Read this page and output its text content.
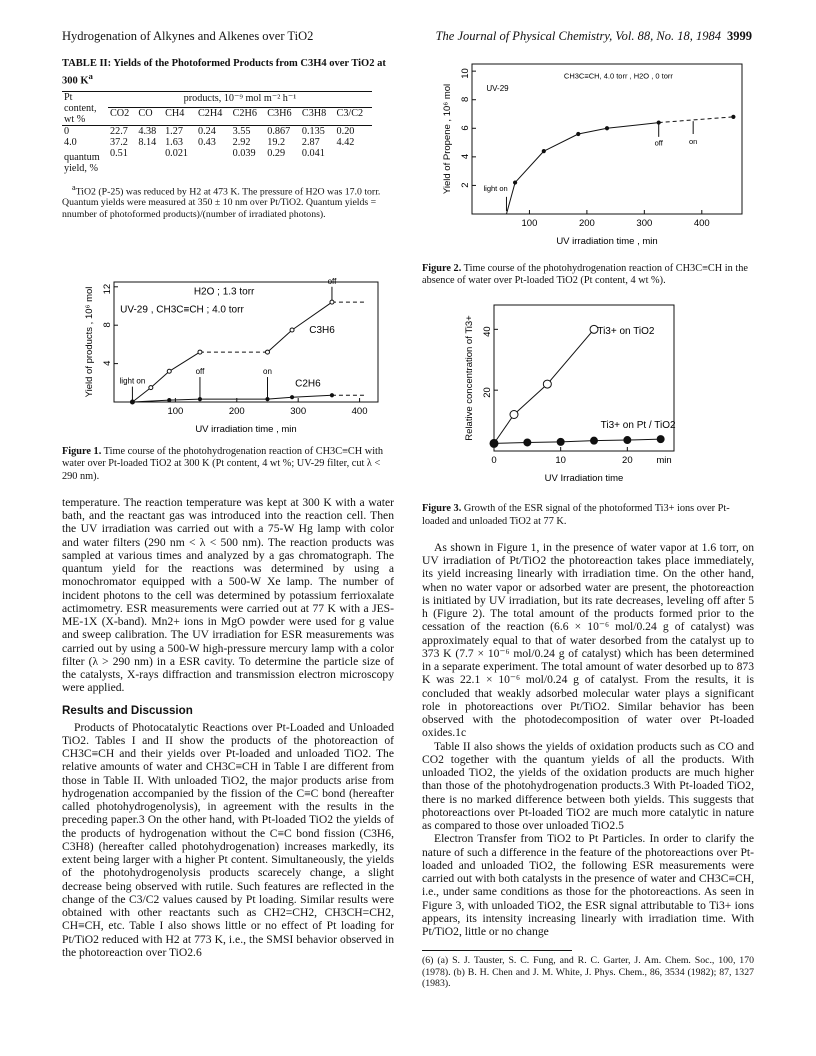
Hydrogenation of Alkynes and Alkenes over TiO2	The Journal of Physical Chemistry, Vol. 88, No. 18, 1984 3999
TABLE II: Yields of the Photoformed Products from C3H4 over TiO2 at 300 $K^a$
Pt content, wt %	products, 10⁻⁹ mol m⁻² h⁻¹							
	CO2	CO	CH4	C2H4	C2H6	C3H6	C3H8	C3/C2
0	22.7	4.38	1.27	0.24	3.55	0.867	0.135	0.20
4.0	37.2	8.14	1.63	0.43	2.92	19.2	2.87	4.42
quantum yield, %	0.51		0.021		0.039	0.29	0.041	
$^a$TiO2 (P-25) was reduced by H2 at 473 K. The pressure of H2O was 17.0 torr. Quantum yields were measured at 350 ± 10 nm over Pt/TiO2. Quantum yields = nnumber of photoformed products)/(number of irradiated photons).
100	200	300	400
4
8
12
UV irradiation time , min
Yield of products , 10⁶ mol	C3H6
C2H6
H2O ; 1.3 torr
UV-29 , CH3C≡CH ; 4.0 torr
light on
off	on
off
Figure 1. Time course of the photohydrogenation reaction of CH3C≡CH with water over Pt-loaded TiO2 at 300 K (Pt content, 4 wt %; UV-29 filter, cut λ < 290 nm).
temperature. The reaction temperature was kept at 300 K with a water bath, and the reactant gas was introduced into the reaction cell. Then the UV irradiation was carried out with a 75-W Hg lamp with color and water filters (290 nm < λ < 500 nm). The reaction products was sampled at various times and analyzed by a gas chromatograph. The quantum yield for the reactions was determined by using a monochromator equipped with a 500-W Xe lamp. The number of incident photons to the cell was determined by potassium ferrioxalate actimometry. ESR measurements were carried out at 77 K with a JES-ME-1X (X-band). Mn2+ ions in MgO powder were used for g value and sweep calibration. The UV irradiation for ESR measurements was carried out by using a 500-W high-pressure mercury lamp with a color filter (λ > 290 nm) in a ESR cavity. To determine the particle size of the catalysts, X-rays diffraction and transmission electron microscopy were applied.
Results and Discussion
Products of Photocatalytic Reactions over Pt-Loaded and Unloaded TiO2. Tables I and II show the products of the photoreaction of CH3C≡CH and their yields over Pt-loaded and unloaded TiO2. The relative amounts of water and CH3C≡CH in Table I are different from those in Table II. With unloaded TiO2, the major products arise from hydrogenation accompanied by the fission of the C≡C bond (hereafter called photohydrogenolysis), in agreement with the results in the preceding paper.3 On the other hand, with Pt-loaded TiO2 the yields of the products of hydrogenation without the C≡C bond fission (C3H6, C3H8) (hereafter called photohydrogenation) increases markedly, its extent being larger with a higher Pt content. Simultaneously, the yields of the photohydrogenolysis products scarecely change, a slight decrease being observed with rutile. Such features are reflected in the change of the C3/C2 values caused by Pt loading. Similar results were obtained with other reactants such as CH2=CH2, CH3CH=CH2, CH≡CH, etc. Table I also shows little or no effect of Pt loading for Pt/TiO2 reduced with H2 at 773 K, i.e., the SMSI behavior observed in the photoreaction over TiO2.6
100	200	300	400
2
4
6
8
10
UV irradiation time , min
Yield of Propene , 10⁶ mol
CH3C≡CH, 4.0 torr , H2O , 0 torr
UV-29
light on
off	on
Figure 2. Time course of the photohydrogenation reaction of CH3C≡CH in the absence of water over Pt-loaded TiO2 (Pt content, 4 wt %).
0	10	20 min
20
40
UV Irradiation time
Relative concentration of Ti3+	Ti3+ on TiO2
Ti3+ on Pt / TiO2
Figure 3. Growth of the ESR signal of the photoformed Ti3+ ions over Pt-loaded and unloaded TiO2 at 77 K.
As shown in Figure 1, in the presence of water vapor at 1.6 torr, on UV irradiation of Pt/TiO2 the photoreaction takes place immediately, its yield increasing linearly with irradiation time. On the other hand, when no water vapor or adsorbed water are present, the photoreaction is initiated by UV irradiation, but its rate decreases, leveling off after 5 h (Figure 2). The total amount of the products formed prior to the cessation of the reaction (6.6 × 10⁻⁶ mol/0.24 g of catalyst) was approximately equal to that of water desorbed from the catalyst up to 373 K (7.7 × 10⁻⁶ mol/0.24 g of catalyst) which has been determined in a separate experiment. The total amount of water desorbed up to 873 K was 22.1 × 10⁻⁶ mol/0.24 g of catalyst. From the results, it is concluded that weakly adsorbed molecular water plays a significant role in photoreactions over Pt/TiO2. Similar behavior has been observed with the photodecomposition of water over Pt-loaded oxides.1c
Table II also shows the yields of oxidation products such as CO and CO2 together with the quantum yields of all the products. With unloaded TiO2, the yields of the oxidation products are much higher than those of the photohydrogenation products.3 With Pt-loaded TiO2, there is no marked difference between both yields. This suggests that photoreactions over Pt-loaded TiO2 are much more catalytic in nature as compared to those over unloaded TiO2.5
Electron Transfer from TiO2 to Pt Particles. In order to clarify the nature of such a difference in the feature of the photoreactions over Pt-loaded and unloaded TiO2, the following ESR measurements were carried out with both catalysts in the presence of water and CH3C≡CH, i.e., under same conditions as those for the photoreactions. As seen in Figure 3, with unloaded TiO2, the ESR signal attributable to Ti3+ ions appears, its intensity increasing linearly with irradiation time. With Pt/TiO2, little or no change

(6) (a) S. J. Tauster, S. C. Fung, and R. C. Garter, J. Am. Chem. Soc., 100, 170 (1978). (b) B. H. Chen and J. M. White, J. Phys. Chem., 86, 3534 (1982); 87, 1327 (1983).
